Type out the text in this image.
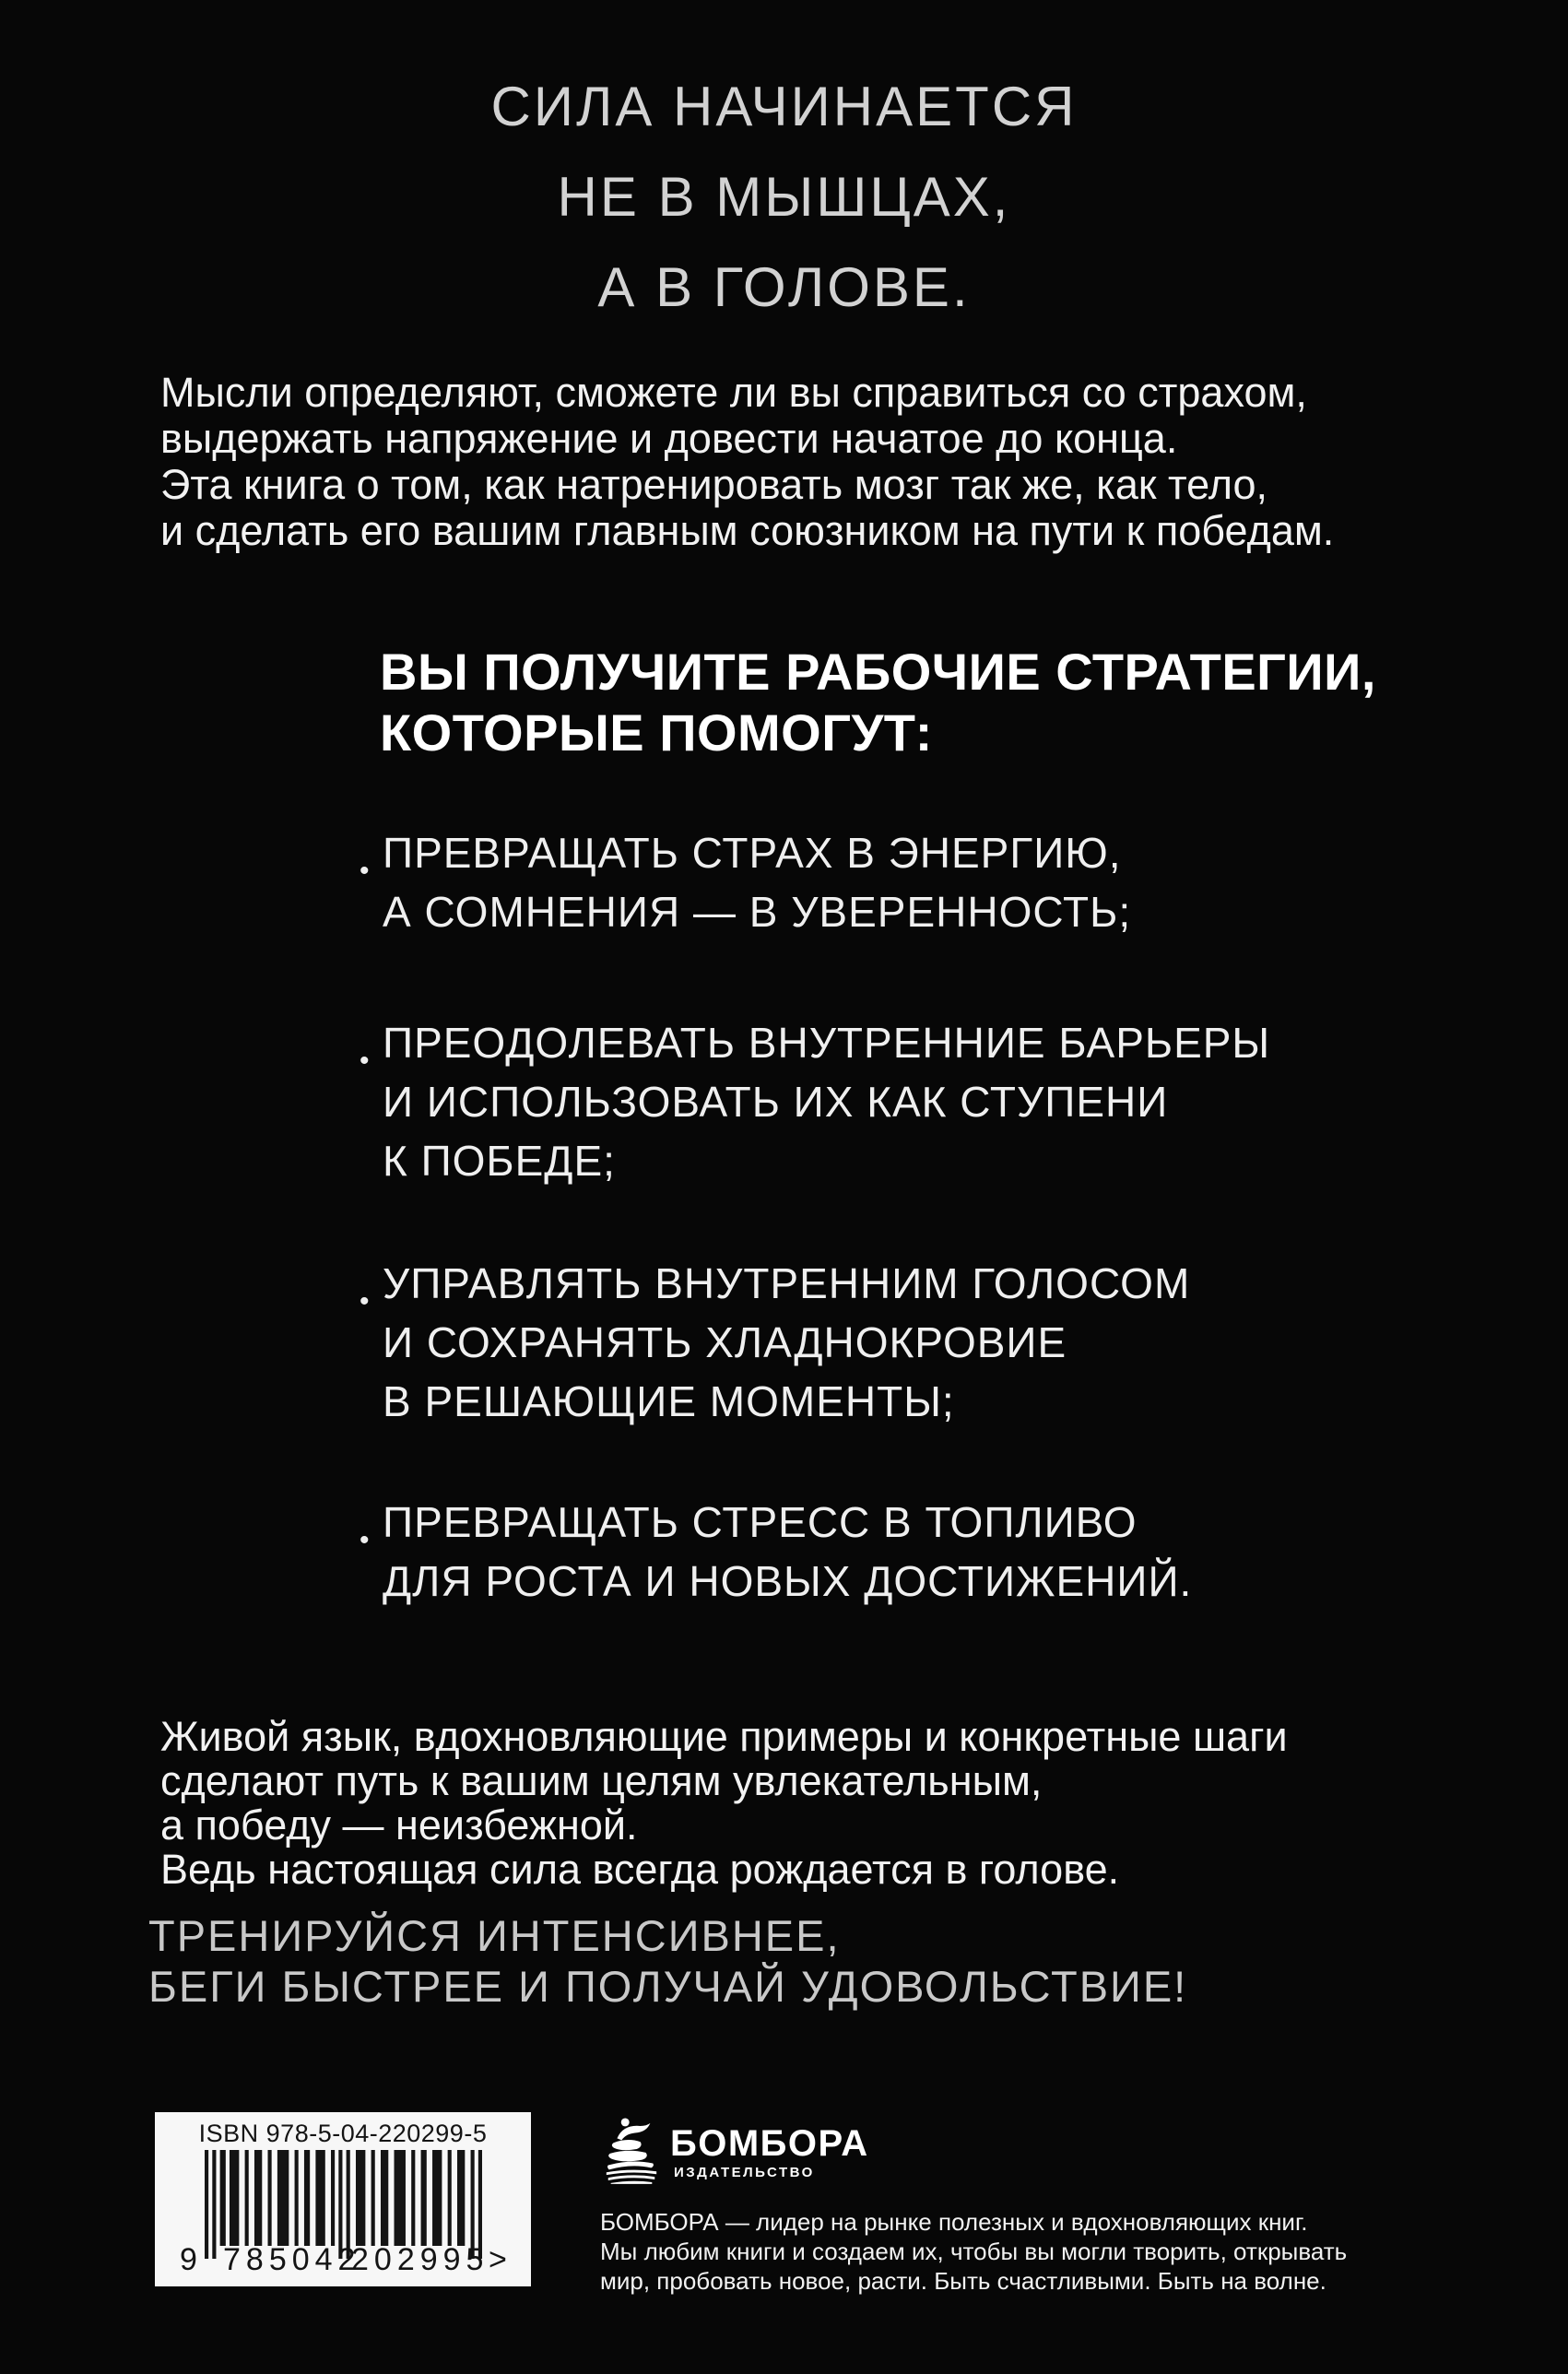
СИЛА НАЧИНАЕТСЯ
НЕ В МЫШЦАХ,
А В ГОЛОВЕ.
Мысли определяют, сможете ли вы справиться со страхом,
выдержать напряжение и довести начатое до конца.
Эта книга о том, как натренировать мозг так же, как тело,
и сделать его вашим главным союзником на пути к победам.
ВЫ ПОЛУЧИТЕ РАБОЧИЕ СТРАТЕГИИ,
КОТОРЫЕ ПОМОГУТ:
• ПРЕВРАЩАТЬ СТРАХ В ЭНЕРГИЮ,
А СОМНЕНИЯ — В УВЕРЕННОСТЬ;
• ПРЕОДОЛЕВАТЬ ВНУТРЕННИЕ БАРЬЕРЫ
И ИСПОЛЬЗОВАТЬ ИХ КАК СТУПЕНИ
К ПОБЕДЕ;
• УПРАВЛЯТЬ ВНУТРЕННИМ ГОЛОСОМ
И СОХРАНЯТЬ ХЛАДНОКРОВИЕ
В РЕШАЮЩИЕ МОМЕНТЫ;
• ПРЕВРАЩАТЬ СТРЕСС В ТОПЛИВО
ДЛЯ РОСТА И НОВЫХ ДОСТИЖЕНИЙ.
Живой язык, вдохновляющие примеры и конкретные шаги
сделают путь к вашим целям увлекательным,
а победу — неизбежной.
Ведь настоящая сила всегда рождается в голове.
ТРЕНИРУЙСЯ ИНТЕНСИВНЕЕ,
БЕГИ БЫСТРЕЕ И ПОЛУЧАЙ УДОВОЛЬСТВИЕ!
ISBN 978-5-04-220299-5
9 785042
202995 >
БОМБОРА
ИЗДАТЕЛЬСТВО
БОМБОРА — лидер на рынке полезных и вдохновляющих книг.
Мы любим книги и создаем их, чтобы вы могли творить, открывать
мир, пробовать новое, расти. Быть счастливыми. Быть на волне.
